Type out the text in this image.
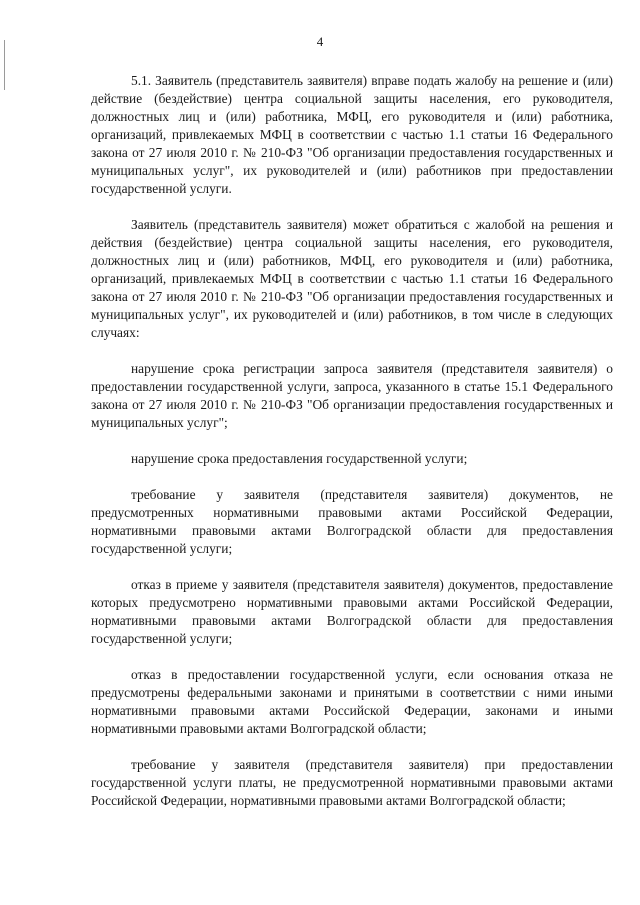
4

5.1. Заявитель (представитель заявителя) вправе подать жалобу на решение и (или) действие (бездействие) центра социальной защиты населения, его руководителя, должностных лиц и (или) работника, МФЦ, его руководителя и (или) работника, организаций, привлекаемых МФЦ в соответствии с частью 1.1 статьи 16 Федерального закона от 27 июля 2010 г. № 210-ФЗ "Об организации предоставления государственных и муниципальных услуг", их руководителей и (или) работников при предоставлении государственной услуги.

Заявитель (представитель заявителя) может обратиться с жалобой на решения и действия (бездействие) центра социальной защиты населения, его руководителя, должностных лиц и (или) работников, МФЦ, его руководителя и (или) работника, организаций, привлекаемых МФЦ в соответствии с частью 1.1 статьи 16 Федерального закона от 27 июля 2010 г. № 210-ФЗ "Об организации предоставления государственных и муниципальных услуг", их руководителей и (или) работников, в том числе в следующих случаях:

нарушение срока регистрации запроса заявителя (представителя заявителя) о предоставлении государственной услуги, запроса, указанного в статье 15.1 Федерального закона от 27 июля 2010 г. № 210-ФЗ "Об организации предоставления государственных и муниципальных услуг";

нарушение срока предоставления государственной услуги;

требование у заявителя (представителя заявителя) документов, не предусмотренных нормативными правовыми актами Российской Федерации, нормативными правовыми актами Волгоградской области для предоставления государственной услуги;

отказ в приеме у заявителя (представителя заявителя) документов, предоставление которых предусмотрено нормативными правовыми актами Российской Федерации, нормативными правовыми актами Волгоградской области для предоставления государственной услуги;

отказ в предоставлении государственной услуги, если основания отказа не предусмотрены федеральными законами и принятыми в соответствии с ними иными нормативными правовыми актами Российской Федерации, законами и иными нормативными правовыми актами Волгоградской области;

требование у заявителя (представителя заявителя) при предоставлении государственной услуги платы, не предусмотренной нормативными правовыми актами Российской Федерации, нормативными правовыми актами Волгоградской области;
